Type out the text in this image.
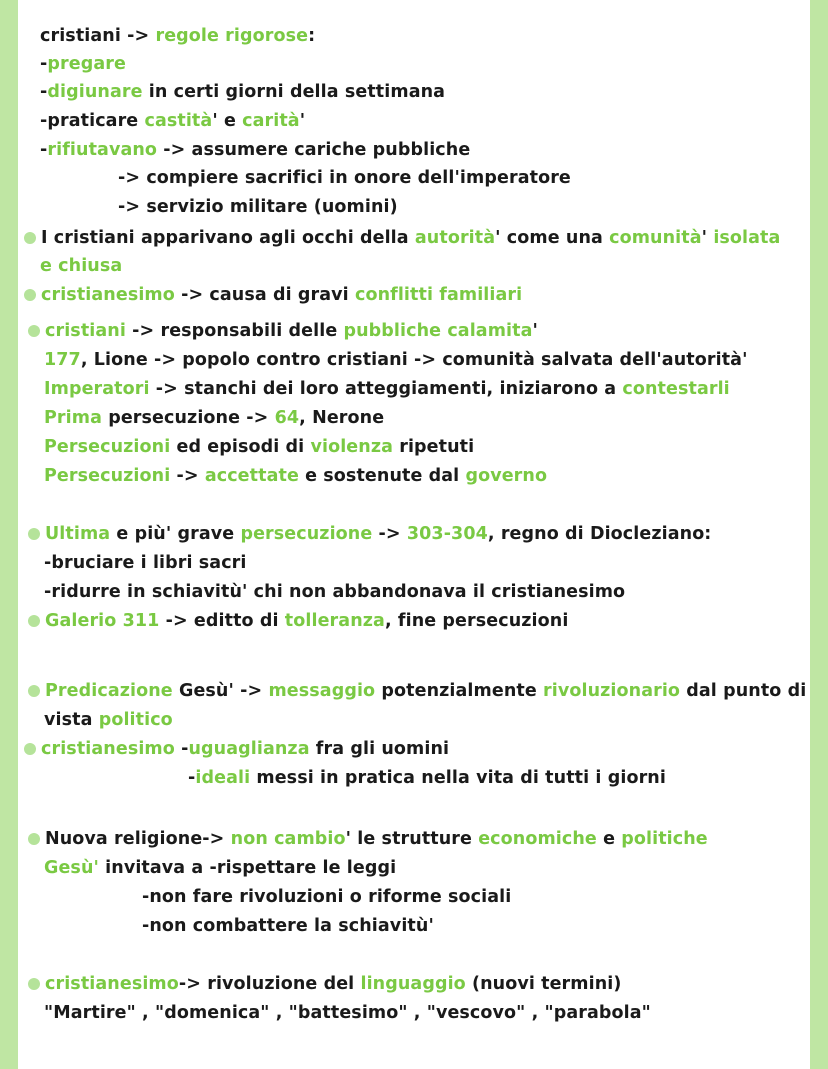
cristiani -> regole rigorose:
-pregare
-digiunare in certi giorni della settimana
-praticare castità' e carità'
-rifiutavano -> assumere cariche pubbliche
-> compiere sacrifici in onore dell'imperatore
-> servizio militare (uomini)
I cristiani apparivano agli occhi della autorità' come una comunità' isolata
e chiusa
cristianesimo -> causa di gravi conflitti familiari
cristiani -> responsabili delle pubbliche calamita'
177, Lione -> popolo contro cristiani -> comunità salvata dell'autorità'
Imperatori -> stanchi dei loro atteggiamenti, iniziarono a contestarli
Prima persecuzione -> 64, Nerone
Persecuzioni ed episodi di violenza ripetuti
Persecuzioni -> accettate e sostenute dal governo
Ultima e più' grave persecuzione -> 303-304, regno di Diocleziano:
-bruciare i libri sacri
-ridurre in schiavitù' chi non abbandonava il cristianesimo
Galerio 311 -> editto di tolleranza, fine persecuzioni
Predicazione Gesù' -> messaggio potenzialmente rivoluzionario dal punto di
vista politico
cristianesimo -uguaglianza fra gli uomini
-ideali messi in pratica nella vita di tutti i giorni
Nuova religione-> non cambio' le strutture economiche e politiche
Gesù' invitava a -rispettare le leggi
-non fare rivoluzioni o riforme sociali
-non combattere la schiavitù'
cristianesimo-> rivoluzione del linguaggio (nuovi termini)
"Martire" , "domenica" , "battesimo" , "vescovo" , "parabola"
